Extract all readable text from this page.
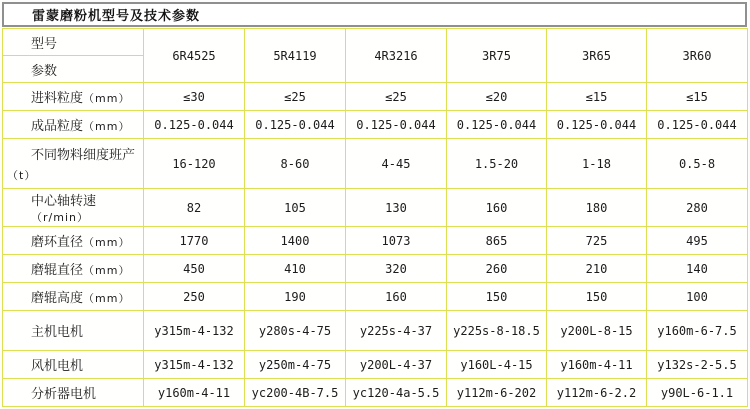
雷蒙磨粉机型号及技术参数
型号	6R4525	5R4119	4R3216	3R75	3R65	3R60
参数						
进料粒度（mm）	≤30	≤25	≤25	≤20	≤15	≤15
成品粒度（mm）	0.125-0.044	0.125-0.044	0.125-0.044	0.125-0.044	0.125-0.044	0.125-0.044
不同物料细度班产
（t）	16-120	8-60	4-45	1.5-20	1-18	0.5-8
中心轴转速（r/min）	82	105	130	160	180	280
磨环直径（mm）	1770	1400	1073	865	725	495
磨辊直径（mm）	450	410	320	260	210	140
磨辊高度（mm）	250	190	160	150	150	100
主机电机	y315m-4-132	y280s-4-75	y225s-4-37	y225s-8-18.5	y200L-8-15	y160m-6-7.5
风机电机	y315m-4-132	y250m-4-75	y200L-4-37	y160L-4-15	y160m-4-11	y132s-2-5.5
分析器电机	y160m-4-11	yc200-4B-7.5	yc120-4a-5.5	y112m-6-202	y112m-6-2.2	y90L-6-1.1
